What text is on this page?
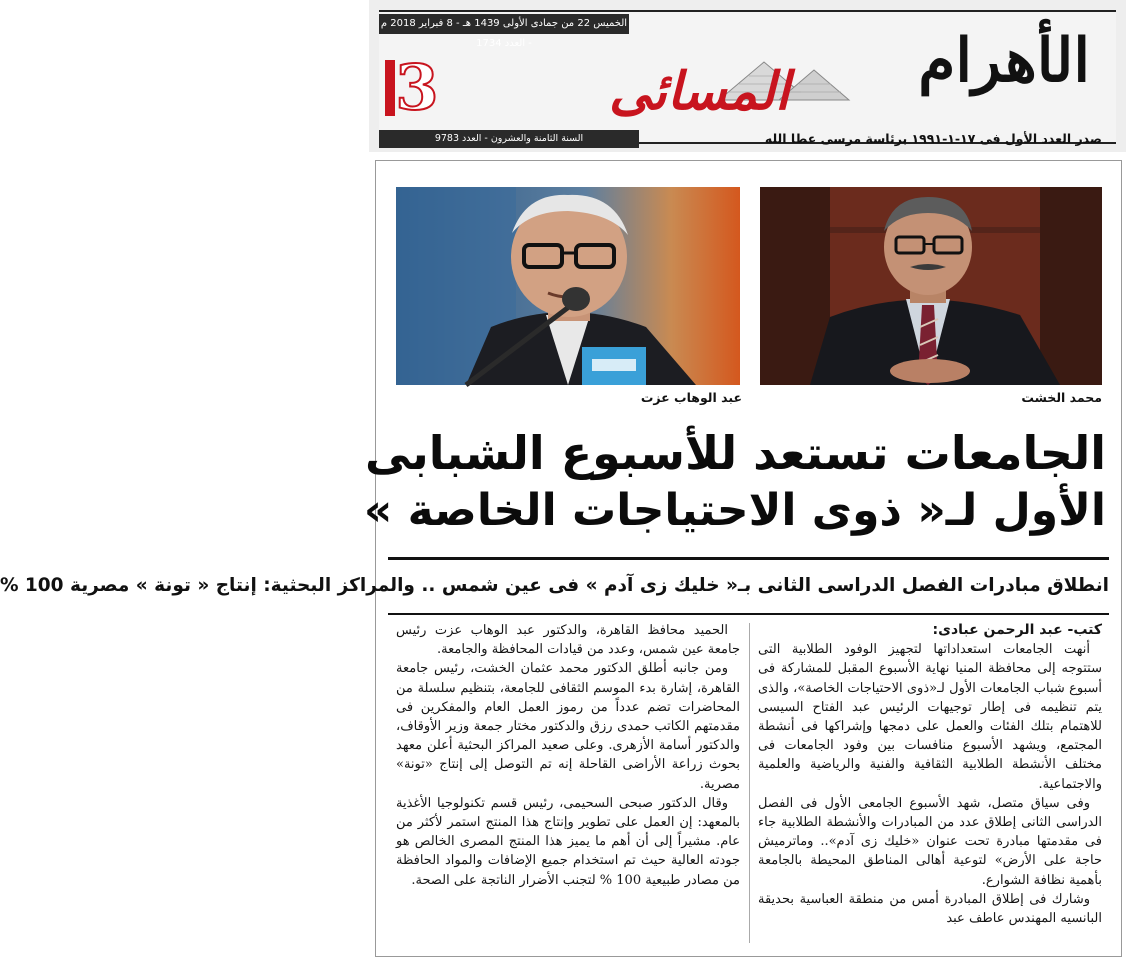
الخميس 22 من جمادى الأولى 1439 هـ - 8 فبراير 2018 م - العدد 1734
3	الأهرام
المسائى
السنة الثامنة والعشرون - العدد 9783	صدر العدد الأول فى ١٧-١-١٩٩١ برئاسة مرسى عطا الله
عبد الوهاب عزت	محمد الخشت
الجامعات تستعد للأسبوع الشبابى
الأول لـ« ذوى الاحتياجات الخاصة »
انطلاق مبادرات الفصل الدراسى الثانى بـ« خليك زى آدم » فى عين شمس .. والمراكز البحثية: إنتاج « تونة » مصرية 100 %

كتب- عبد الرحمن عبادى:

أنهت الجامعات استعداداتها لتجهيز الوفود الطلابية التى ستتوجه إلى محافظة المنيا نهاية الأسبوع المقبل للمشاركة فى أسبوع شباب الجامعات الأول لـ«ذوى الاحتياجات الخاصة»، والذى يتم تنظيمه فى إطار توجيهات الرئيس عبد الفتاح السيسى للاهتمام بتلك الفئات والعمل على دمجها وإشراكها فى أنشطة المجتمع، ويشهد الأسبوع منافسات بين وفود الجامعات فى مختلف الأنشطة الطلابية الثقافية والفنية والرياضية والعلمية والاجتماعية.

وفى سياق متصل، شهد الأسبوع الجامعى الأول فى الفصل الدراسى الثانى إطلاق عدد من المبادرات والأنشطة الطلابية جاء فى مقدمتها مبادرة تحت عنوان «خليك زى آدم».. وماترميش حاجة على الأرض» لتوعية أهالى المناطق المحيطة بالجامعة بأهمية نظافة الشوارع.

وشارك فى إطلاق المبادرة أمس من منطقة العباسية بحديقة البانسيه المهندس عاطف عبد

الحميد محافظ القاهرة، والدكتور عبد الوهاب عزت رئيس جامعة عين شمس، وعدد من قيادات المحافظة والجامعة.

ومن جانبه أطلق الدكتور محمد عثمان الخشت، رئيس جامعة القاهرة، إشارة بدء الموسم الثقافى للجامعة، بتنظيم سلسلة من المحاضرات تضم عدداً من رموز العمل العام والمفكرين فى مقدمتهم الكاتب حمدى رزق والدكتور مختار جمعة وزير الأوقاف، والدكتور أسامة الأزهرى. وعلى صعيد المراكز البحثية أعلن معهد بحوث زراعة الأراضى القاحلة إنه تم التوصل إلى إنتاج «تونة» مصرية.

وقال الدكتور صبحى السحيمى، رئيس قسم تكنولوجيا الأغذية بالمعهد: إن العمل على تطوير وإنتاج هذا المنتج استمر لأكثر من عام. مشيراً إلى أن أهم ما يميز هذا المنتج المصرى الخالص هو جودته العالية حيث تم استخدام جميع الإضافات والمواد الحافظة من مصادر طبيعية 100 % لتجنب الأضرار الناتجة على الصحة.
